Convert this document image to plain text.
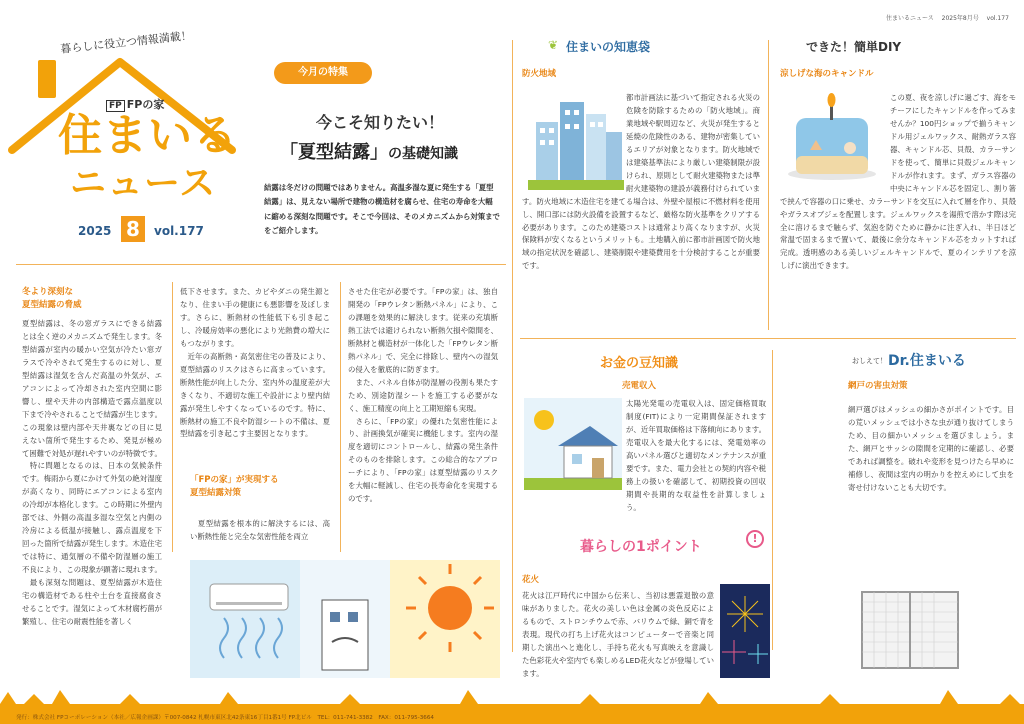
住まいるニュース　 2025年8月号　 vol.177
暮らしに役立つ情報満載！
FP FPの家
住まいる
ニュース
2025 8	vol.177
今月の特集
今こそ知りたい！
「夏型結露」の基礎知識
結露は冬だけの問題ではありません。高温多湿な夏に発生する「夏型結露」は、見えない場所で建物の構造材を腐らせ、住宅の寿命を大幅に縮める深刻な問題です。そこで今回は、そのメカニズムから対策までをご紹介します。
冬より深刻な
夏型結露の脅威
夏型結露は、冬の窓ガラスにできる結露とは全く逆のメカニズムで発生します。冬型結露が室内の暖かい空気が冷たい窓ガラスで冷やされて発生するのに対し、夏型結露は湿気を含んだ高温の外気が、エアコンによって冷却された室内空間に影響し、壁や天井の内部構造で露点温度以下まで冷やされることで結露が生じます。この現象は壁内部や天井裏などの目に見えない箇所で発生するため、発見が極めて困難で対処が遅れやすいのが特徴です。
　特に問題となるのは、日本の気候条件です。梅雨から夏にかけて外気の絶対湿度が高くなり、同時にエアコンによる室内の冷却が本格化します。この時期に外壁内部では、外側の高温多湿な空気と内側の冷房による低温が接触し、露点温度を下回った箇所で結露が発生します。木造住宅では特に、通気層の不備や防湿層の施工不良により、この現象が顕著に現れます。
　最も深刻な問題は、夏型結露が木造住宅の構造材である柱や土台を直接腐食させることです。湿気によって木材腐朽菌が繁殖し、住宅の耐震性能を著しく
低下させます。また、カビやダニの発生源となり、住まい手の健康にも悪影響を及ぼします。さらに、断熱材の性能低下も引き起こし、冷暖房効率の悪化により光熱費の増大にもつながります。
　近年の高断熱・高気密住宅の普及により、夏型結露のリスクはさらに高まっています。断熱性能が向上した分、室内外の温度差が大きくなり、不適切な施工や設計により壁内結露が発生しやすくなっているのです。特に、断熱材の施工不良や防湿シートの不備は、夏型結露を引き起こす主要因となります。
「FPの家」が実現する
夏型結露対策
　夏型結露を根本的に解決するには、高い断熱性能と完全な気密性能を両立
させた住宅が必要です。「FPの家」は、独自開発の「FPウレタン断熱パネル」により、この課題を効果的に解決します。従来の充填断熱工法では避けられない断熱欠損や隙間を、断熱材と構造材が一体化した「FPウレタン断熱パネル」で、完全に排除し、壁内への湿気の侵入を徹底的に防ぎます。
　また、パネル自体が防湿層の役割も果たすため、別途防湿シートを施工する必要がなく、施工精度の向上と工期短縮も実現。
　さらに、「FPの家」の優れた気密性能により、計画換気が確実に機能します。室内の湿度を適切にコントロールし、結露の発生条件そのものを排除します。この総合的なアプローチにより、「FPの家」は夏型結露のリスクを大幅に軽減し、住宅の長寿命化を実現するのです。
住まいの知恵袋
❦
防火地域
都市計画法に基づいて指定される火災の危険を防除するための「防火地域」。商業地域や駅周辺など、火災が発生すると延焼の危険性のある、建物が密集しているエリアが対象となります。防火地域では建築基準法により厳しい建築制限が設けられ、原則として耐火建築物または準耐火建築物の建設が義務付けられています。防火地域に木造住宅を建てる場合は、外壁や屋根に不燃材料を使用し、開口部には防火設備を設置するなど、厳格な防火基準をクリアする必要があります。このため建築コストは通常より高くなりますが、火災保険料が安くなるというメリットも。土地購入前に都市計画図で防火地域の指定状況を確認し、建築制限や建築費用を十分検討することが重要です。
できた！簡単DIY
涼しげな海のキャンドル
この夏、夜を涼しげに過ごす、海をモチーフにしたキャンドルを作ってみませんか？100円ショップで揃うキャンドル用ジェルワックス、耐熱ガラス容器、キャンドル芯、貝殻、カラーサンドを使って、簡単に貝殻ジェルキャンドルが作れます。まず、ガラス容器の中央にキャンドル芯を固定し、割り箸で挟んで容器の口に乗せ、カラーサンドを交互に入れて層を作り、貝殻やガラスオブジェを配置します。ジェルワックスを湯煎で溶かす際は完全に溶けるまで触らず、気泡を防ぐために静かに注ぎ入れ、半日ほど常温で固まるまで置いて、最後に余分なキャンドル芯をカットすれば完成。透明感のある美しいジェルキャンドルで、夏のインテリアを涼しげに演出できます。
お金の豆知識
売電収入
太陽光発電の売電収入は、固定価格買取制度(FIT)により一定期間保証されますが、近年買取価格は下落傾向にあります。売電収入を最大化するには、発電効率の高いパネル選びと適切なメンテナンスが重要です。また、電力会社との契約内容や税務上の扱いを確認して、初期投資の回収期間や長期的な収益性を計算しましょう。
暮らしの1ポイント
!
花火
花火は江戸時代に中国から伝来し、当初は悪霊退散の意味がありました。花火の美しい色は金属の炎色反応によるもので、ストロンチウムで赤、バリウムで緑、銅で青を表現。現代の打ち上げ花火はコンピューターで音楽と同期した演出へと進化し、手持ち花火も写真映えを意識した色彩花火や室内でも楽しめるLED花火などが登場しています。
おしえて！ Dr.住まいる
網戸の害虫対策
網戸選びはメッシュの細かさがポイントです。目の荒いメッシュでは小さな虫が通り抜けてしまうため、目の細かいメッシュを選びましょう。また、網戸とサッシの隙間を定期的に確認し、必要であれば調整を。破れや変形を見つけたら早めに補修し、夜間は室内の明かりを控えめにして虫を寄せ付けないことも大切です。
発行：株式会社 FPコーポレーション（本社／広報企画課）〒007-0842 札幌市東区北42条東16丁目1番1号 FP北ビル　TEL：011-741-3382　FAX：011-795-3664
